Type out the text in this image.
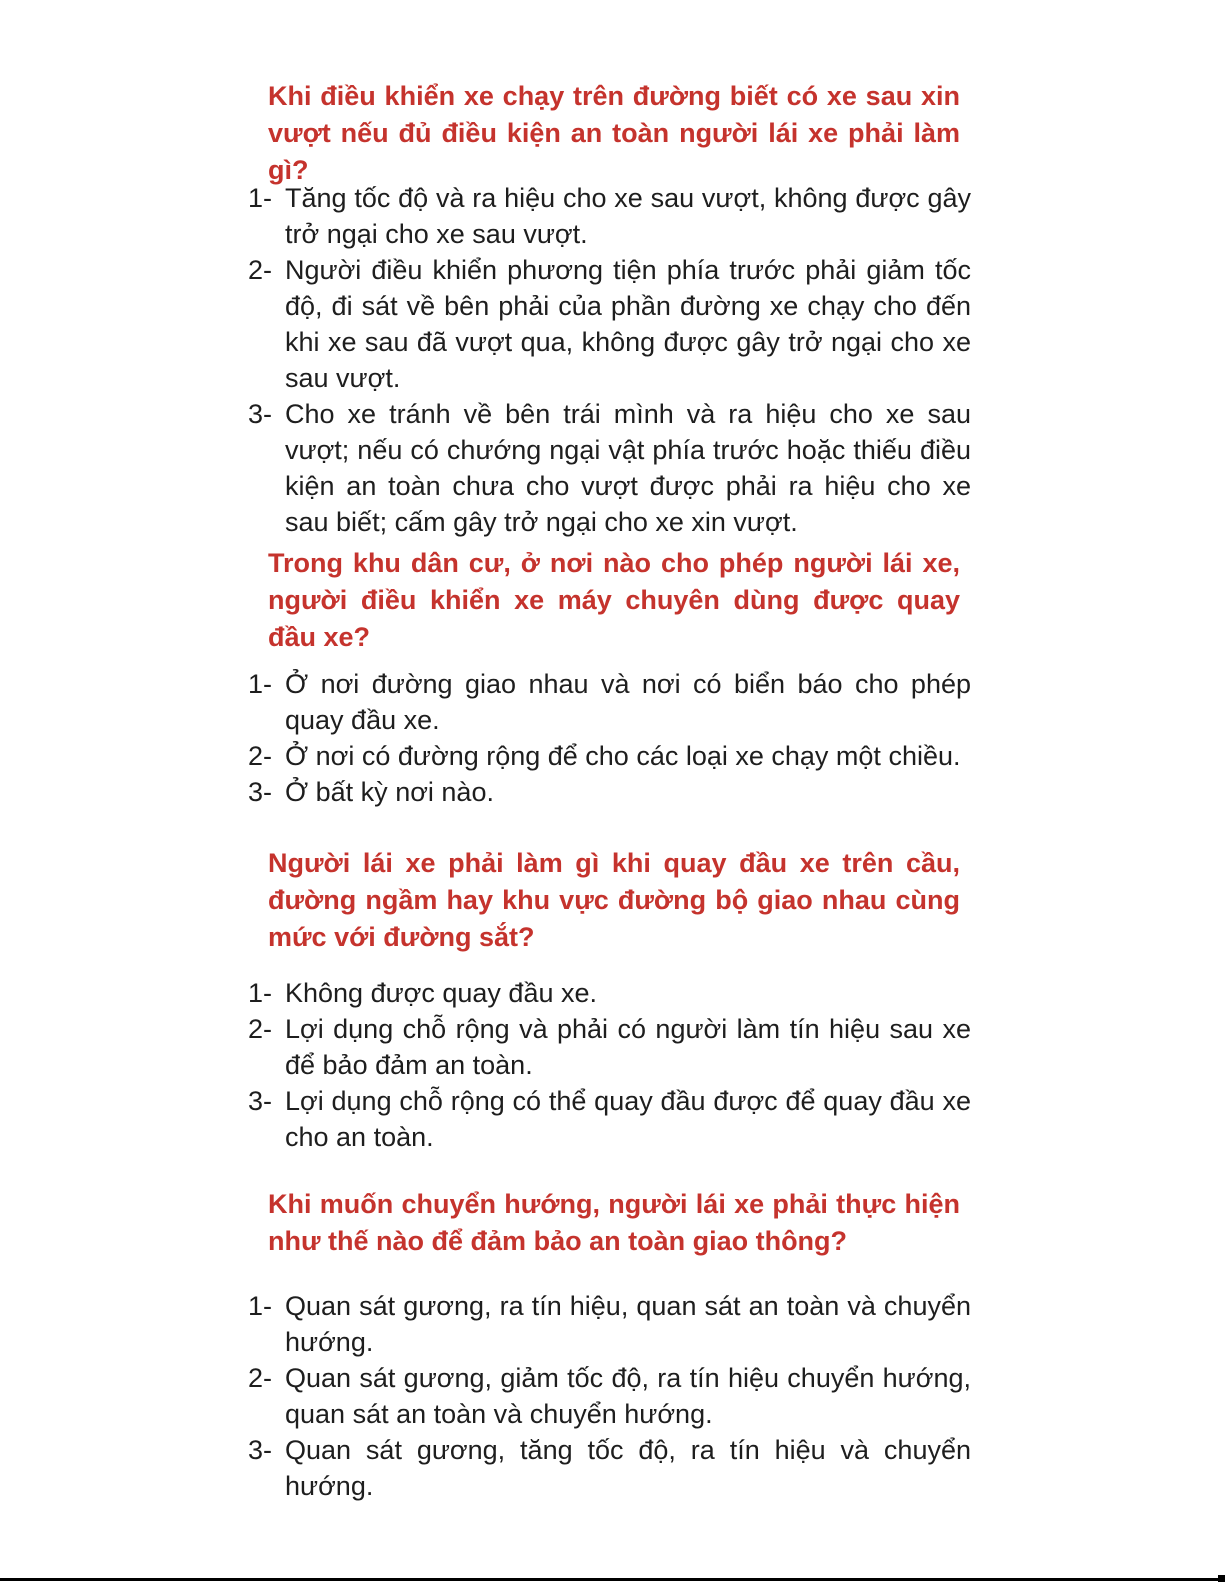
Khi điều khiển xe chạy trên đường biết có xe sau xin vượt nếu đủ điều kiện an toàn người lái xe phải làm gì?
1- Tăng tốc độ và ra hiệu cho xe sau vượt, không được gây trở ngại cho xe sau vượt.
2- Người điều khiển phương tiện phía trước phải giảm tốc độ, đi sát về bên phải của phần đường xe chạy cho đến khi xe sau đã vượt qua, không được gây trở ngại cho xe sau vượt.
3- Cho xe tránh về bên trái mình và ra hiệu cho xe sau vượt; nếu có chướng ngại vật phía trước hoặc thiếu điều kiện an toàn chưa cho vượt được phải ra hiệu cho xe sau biết; cấm gây trở ngại cho xe xin vượt.
Trong khu dân cư, ở nơi nào cho phép người lái xe, người điều khiển xe máy chuyên dùng được quay đầu xe?
1- Ở nơi đường giao nhau và nơi có biển báo cho phép quay đầu xe.
2- Ở nơi có đường rộng để cho các loại xe chạy một chiều.
3- Ở bất kỳ nơi nào.
Người lái xe phải làm gì khi quay đầu xe trên cầu, đường ngầm hay khu vực đường bộ giao nhau cùng mức với đường sắt?
1- Không được quay đầu xe.
2- Lợi dụng chỗ rộng và phải có người làm tín hiệu sau xe để bảo đảm an toàn.
3- Lợi dụng chỗ rộng có thể quay đầu được để quay đầu xe cho an toàn.
Khi muốn chuyển hướng, người lái xe phải thực hiện như thế nào để đảm bảo an toàn giao thông?
1- Quan sát gương, ra tín hiệu, quan sát an toàn và chuyển hướng.
2- Quan sát gương, giảm tốc độ, ra tín hiệu chuyển hướng, quan sát an toàn và chuyển hướng.
3- Quan sát gương, tăng tốc độ, ra tín hiệu và chuyển hướng.
